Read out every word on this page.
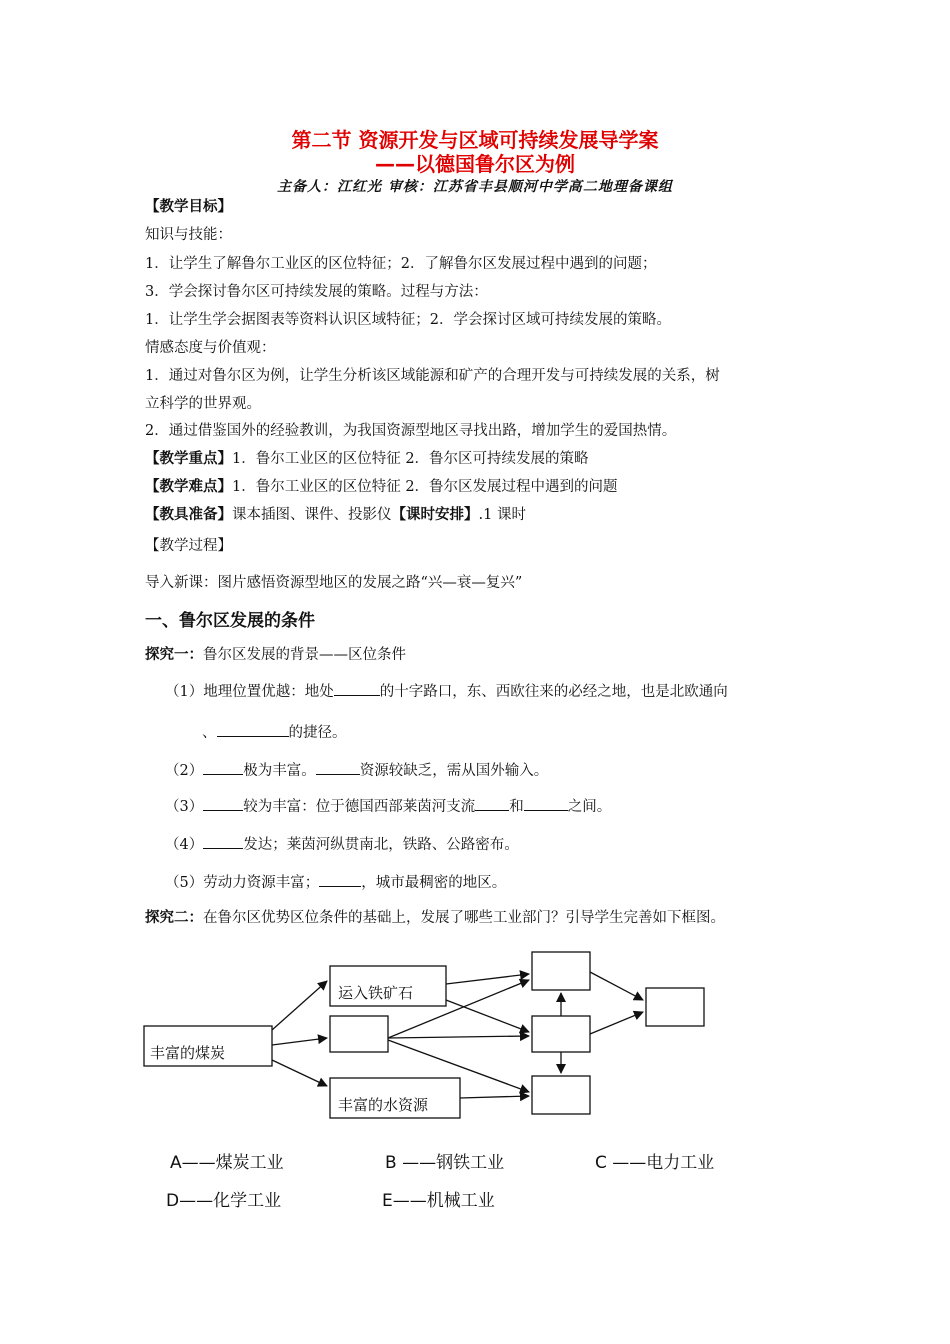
第二节 资源开发与区域可持续发展导学案
——以德国鲁尔区为例
主备人：江红光 审核：江苏省丰县顺河中学高二地理备课组
【教学目标】
知识与技能：
1．让学生了解鲁尔工业区的区位特征；2．了解鲁尔区发展过程中遇到的问题；
3．学会探讨鲁尔区可持续发展的策略。过程与方法：
1．让学生学会据图表等资料认识区域特征；2．学会探讨区域可持续发展的策略。
情感态度与价值观：
1．通过对鲁尔区为例，让学生分析该区域能源和矿产的合理开发与可持续发展的关系，树
立科学的世界观。
2．通过借鉴国外的经验教训，为我国资源型地区寻找出路，增加学生的爱国热情。
【教学重点】1．鲁尔工业区的区位特征 2．鲁尔区可持续发展的策略
【教学难点】1．鲁尔工业区的区位特征 2．鲁尔区发展过程中遇到的问题
【教具准备】课本插图、课件、投影仪【课时安排】.1 课时
【教学过程】
导入新课：图片感悟资源型地区的发展之路“兴—衰—复兴”
一、鲁尔区发展的条件
探究一：鲁尔区发展的背景——区位条件
（1）地理位置优越：地处	的十字路口，东、西欧往来的必经之地，也是北欧通向
、	的捷径。
（2）	极为丰富。	资源较缺乏，需从国外输入。
（3）	较为丰富：位于德国西部莱茵河支流 和	之间。
（4）	发达；莱茵河纵贯南北，铁路、公路密布。
（5）劳动力资源丰富；	，城市最稠密的地区。
探究二：在鲁尔区优势区位条件的基础上，发展了哪些工业部门？引导学生完善如下框图。
丰富的煤炭
运入铁矿石
丰富的水资源
A——煤炭工业	B ——钢铁工业	C ——电力工业
D——化学工业	E——机械工业
